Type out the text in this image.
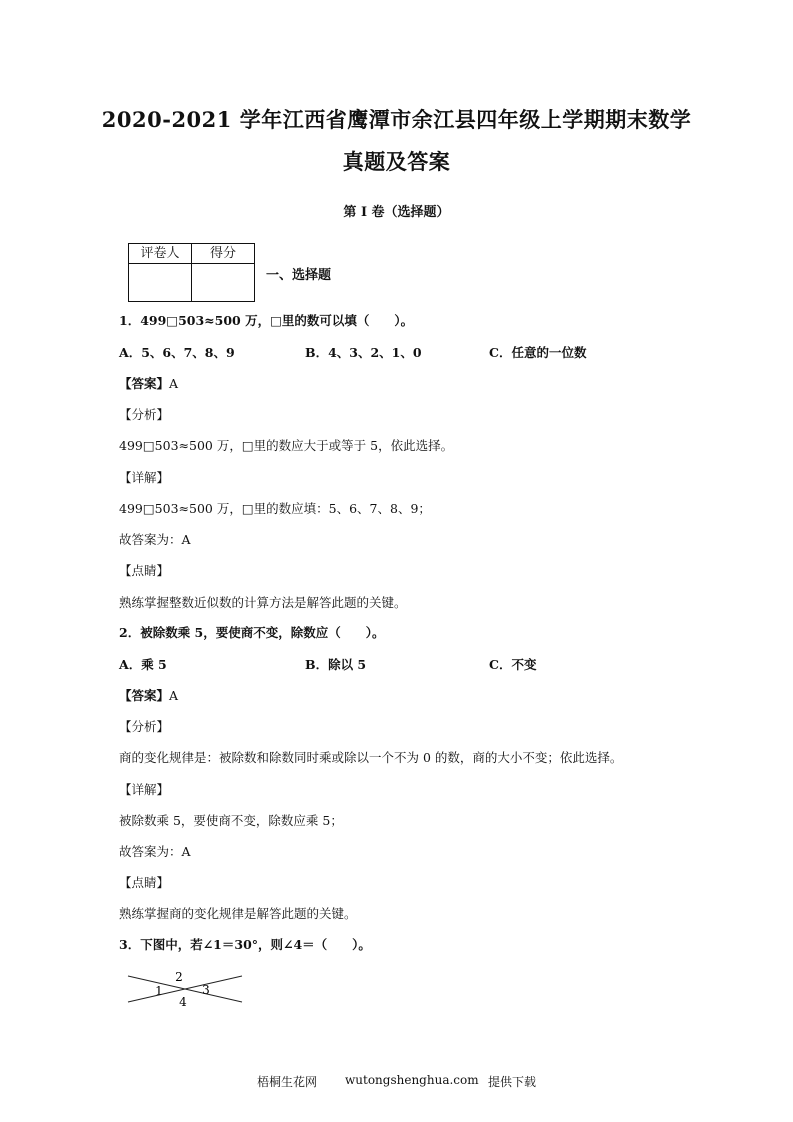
2020-2021 学年江西省鹰潭市余江县四年级上学期期末数学
真题及答案
第 I 卷（选择题）
评卷人	得分

一、选择题
1．499□503≈500 万，□里的数可以填（　　）。
A．5、6、7、8、9	B．4、3、2、1、0	C．任意的一位数
【答案】A
【分析】
499□503≈500 万，□里的数应大于或等于 5，依此选择。
【详解】
499□503≈500 万，□里的数应填：5、6、7、8、9；
故答案为：A
【点睛】
熟练掌握整数近似数的计算方法是解答此题的关键。
2．被除数乘 5，要使商不变，除数应（　　）。
A．乘 5	B．除以 5	C．不变
【答案】A
【分析】
商的变化规律是：被除数和除数同时乘或除以一个不为 0 的数，商的大小不变；依此选择。
【详解】
被除数乘 5，要使商不变，除数应乘 5；
故答案为：A
【点睛】
熟练掌握商的变化规律是解答此题的关键。
3．下图中，若∠1＝30°，则∠4＝（　　）。
2
1	3
4
梧桐生花网 wutongshenghua.com 提供下载
